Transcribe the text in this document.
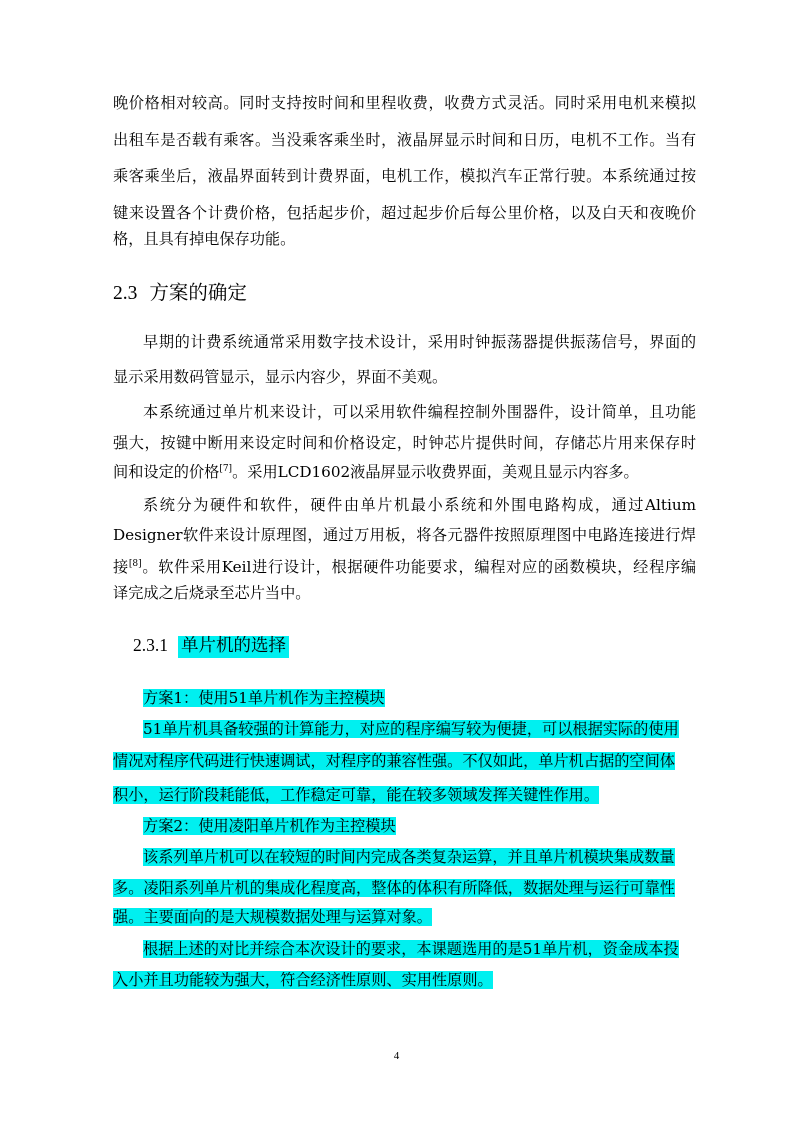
晚价格相对较高。同时支持按时间和里程收费，收费方式灵活。同时采用电机来模拟
出租车是否载有乘客。当没乘客乘坐时，液晶屏显示时间和日历，电机不工作。当有
乘客乘坐后，液晶界面转到计费界面，电机工作，模拟汽车正常行驶。本系统通过按
键来设置各个计费价格，包括起步价，超过起步价后每公里价格，以及白天和夜晚价
格，且具有掉电保存功能。
2.3 方案的确定
早期的计费系统通常采用数字技术设计，采用时钟振荡器提供振荡信号，界面的
显示采用数码管显示，显示内容少，界面不美观。
本系统通过单片机来设计，可以采用软件编程控制外围器件，设计简单，且功能
强大，按键中断用来设定时间和价格设定，时钟芯片提供时间，存储芯片用来保存时
间和设定的价格[7]。采用LCD1602液晶屏显示收费界面，美观且显示内容多。
系统分为硬件和软件，硬件由单片机最小系统和外围电路构成，通过Altium
Designer软件来设计原理图，通过万用板，将各元器件按照原理图中电路连接进行焊
接[8]。软件采用Keil进行设计，根据硬件功能要求，编程对应的函数模块，经程序编
译完成之后烧录至芯片当中。
2.3.1 单片机的选择
方案1：使用51单片机作为主控模块
51单片机具备较强的计算能力，对应的程序编写较为便捷，可以根据实际的使用
情况对程序代码进行快速调试，对程序的兼容性强。不仅如此，单片机占据的空间体
积小，运行阶段耗能低，工作稳定可靠，能在较多领域发挥关键性作用。
方案2：使用凌阳单片机作为主控模块
该系列单片机可以在较短的时间内完成各类复杂运算，并且单片机模块集成数量
多。凌阳系列单片机的集成化程度高，整体的体积有所降低，数据处理与运行可靠性
强。主要面向的是大规模数据处理与运算对象。
根据上述的对比并综合本次设计的要求，本课题选用的是51单片机，资金成本投
入小并且功能较为强大，符合经济性原则、实用性原则。
4
